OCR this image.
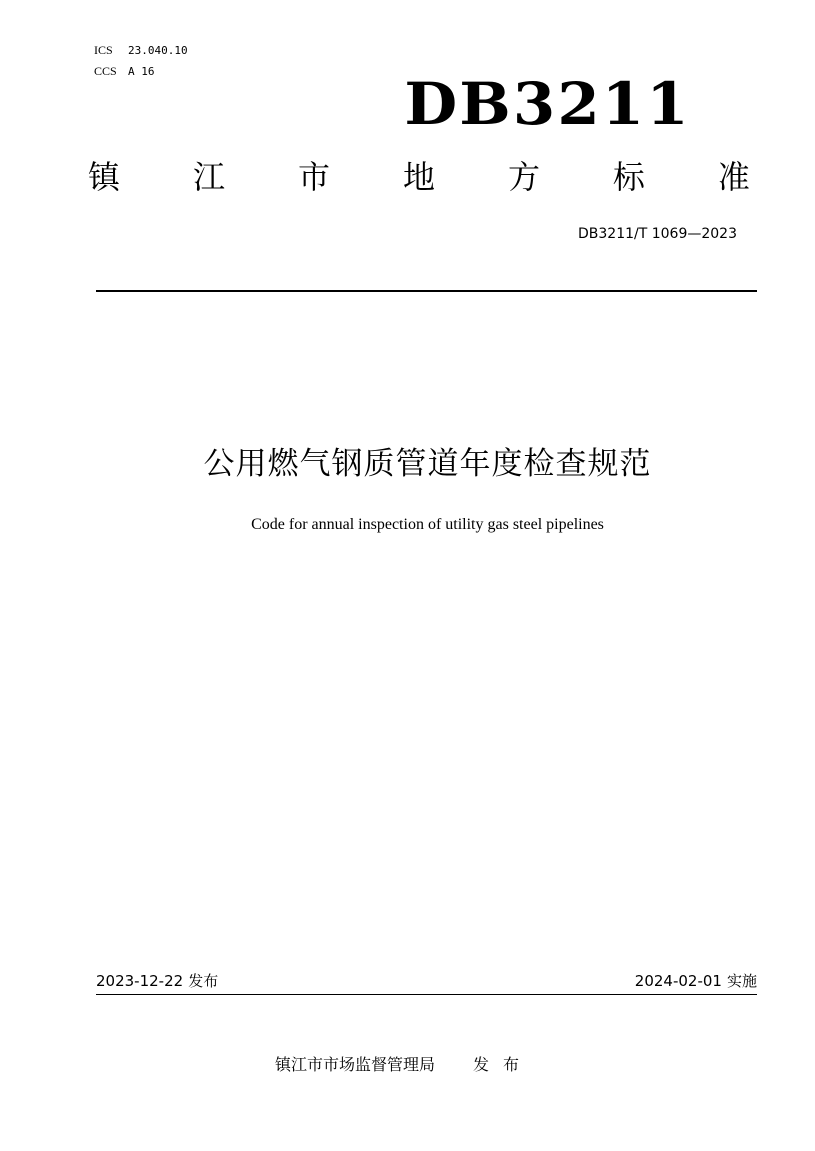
ICS	23.040.10
CCS	A 16	DB3211
镇 江 市 地 方 标 准
DB3211/T 1069—2023
公用燃气钢质管道年度检查规范
Code for annual inspection of utility gas steel pipelines
2023-12-22 发布	2024-02-01 实施
镇江市市场监督管理局 发布
